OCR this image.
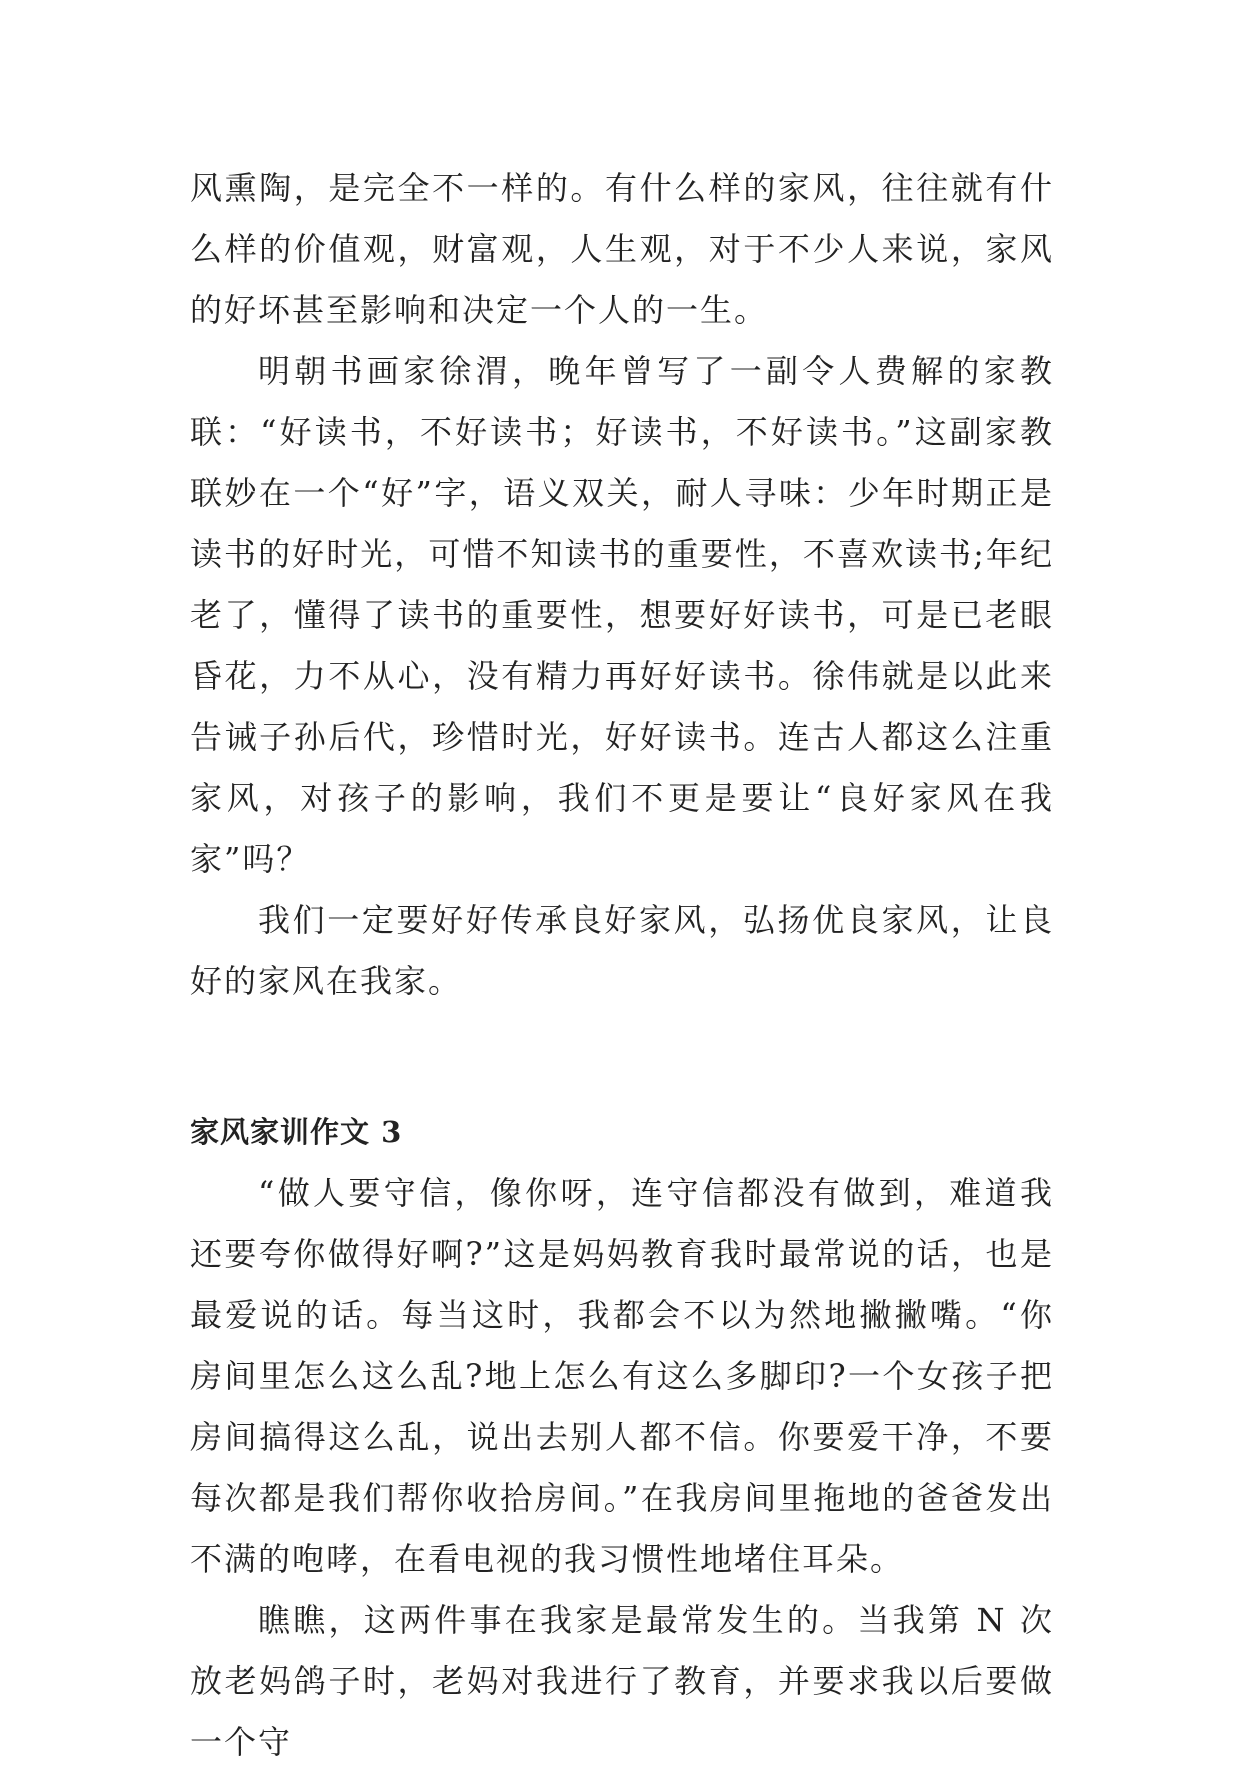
风熏陶，是完全不一样的。有什么样的家风，往往就有什么样的价值观，财富观，人生观，对于不少人来说，家风的好坏甚至影响和决定一个人的一生。

明朝书画家徐渭，晚年曾写了一副令人费解的家教联：“好读书，不好读书；好读书，不好读书。”这副家教联妙在一个“好”字，语义双关，耐人寻味：少年时期正是读书的好时光，可惜不知读书的重要性，不喜欢读书;年纪老了，懂得了读书的重要性，想要好好读书，可是已老眼昏花，力不从心，没有精力再好好读书。徐伟就是以此来告诫子孙后代，珍惜时光，好好读书。连古人都这么注重家风，对孩子的影响，我们不更是要让“良好家风在我家”吗？

我们一定要好好传承良好家风，弘扬优良家风，让良好的家风在我家。

家风家训作文 3

“做人要守信，像你呀，连守信都没有做到，难道我还要夸你做得好啊?”这是妈妈教育我时最常说的话，也是最爱说的话。每当这时，我都会不以为然地撇撇嘴。“你房间里怎么这么乱?地上怎么有这么多脚印?一个女孩子把房间搞得这么乱，说出去别人都不信。你要爱干净，不要每次都是我们帮你收拾房间。”在我房间里拖地的爸爸发出不满的咆哮，在看电视的我习惯性地堵住耳朵。

瞧瞧，这两件事在我家是最常发生的。当我第 N 次放老妈鸽子时，老妈对我进行了教育，并要求我以后要做一个守
